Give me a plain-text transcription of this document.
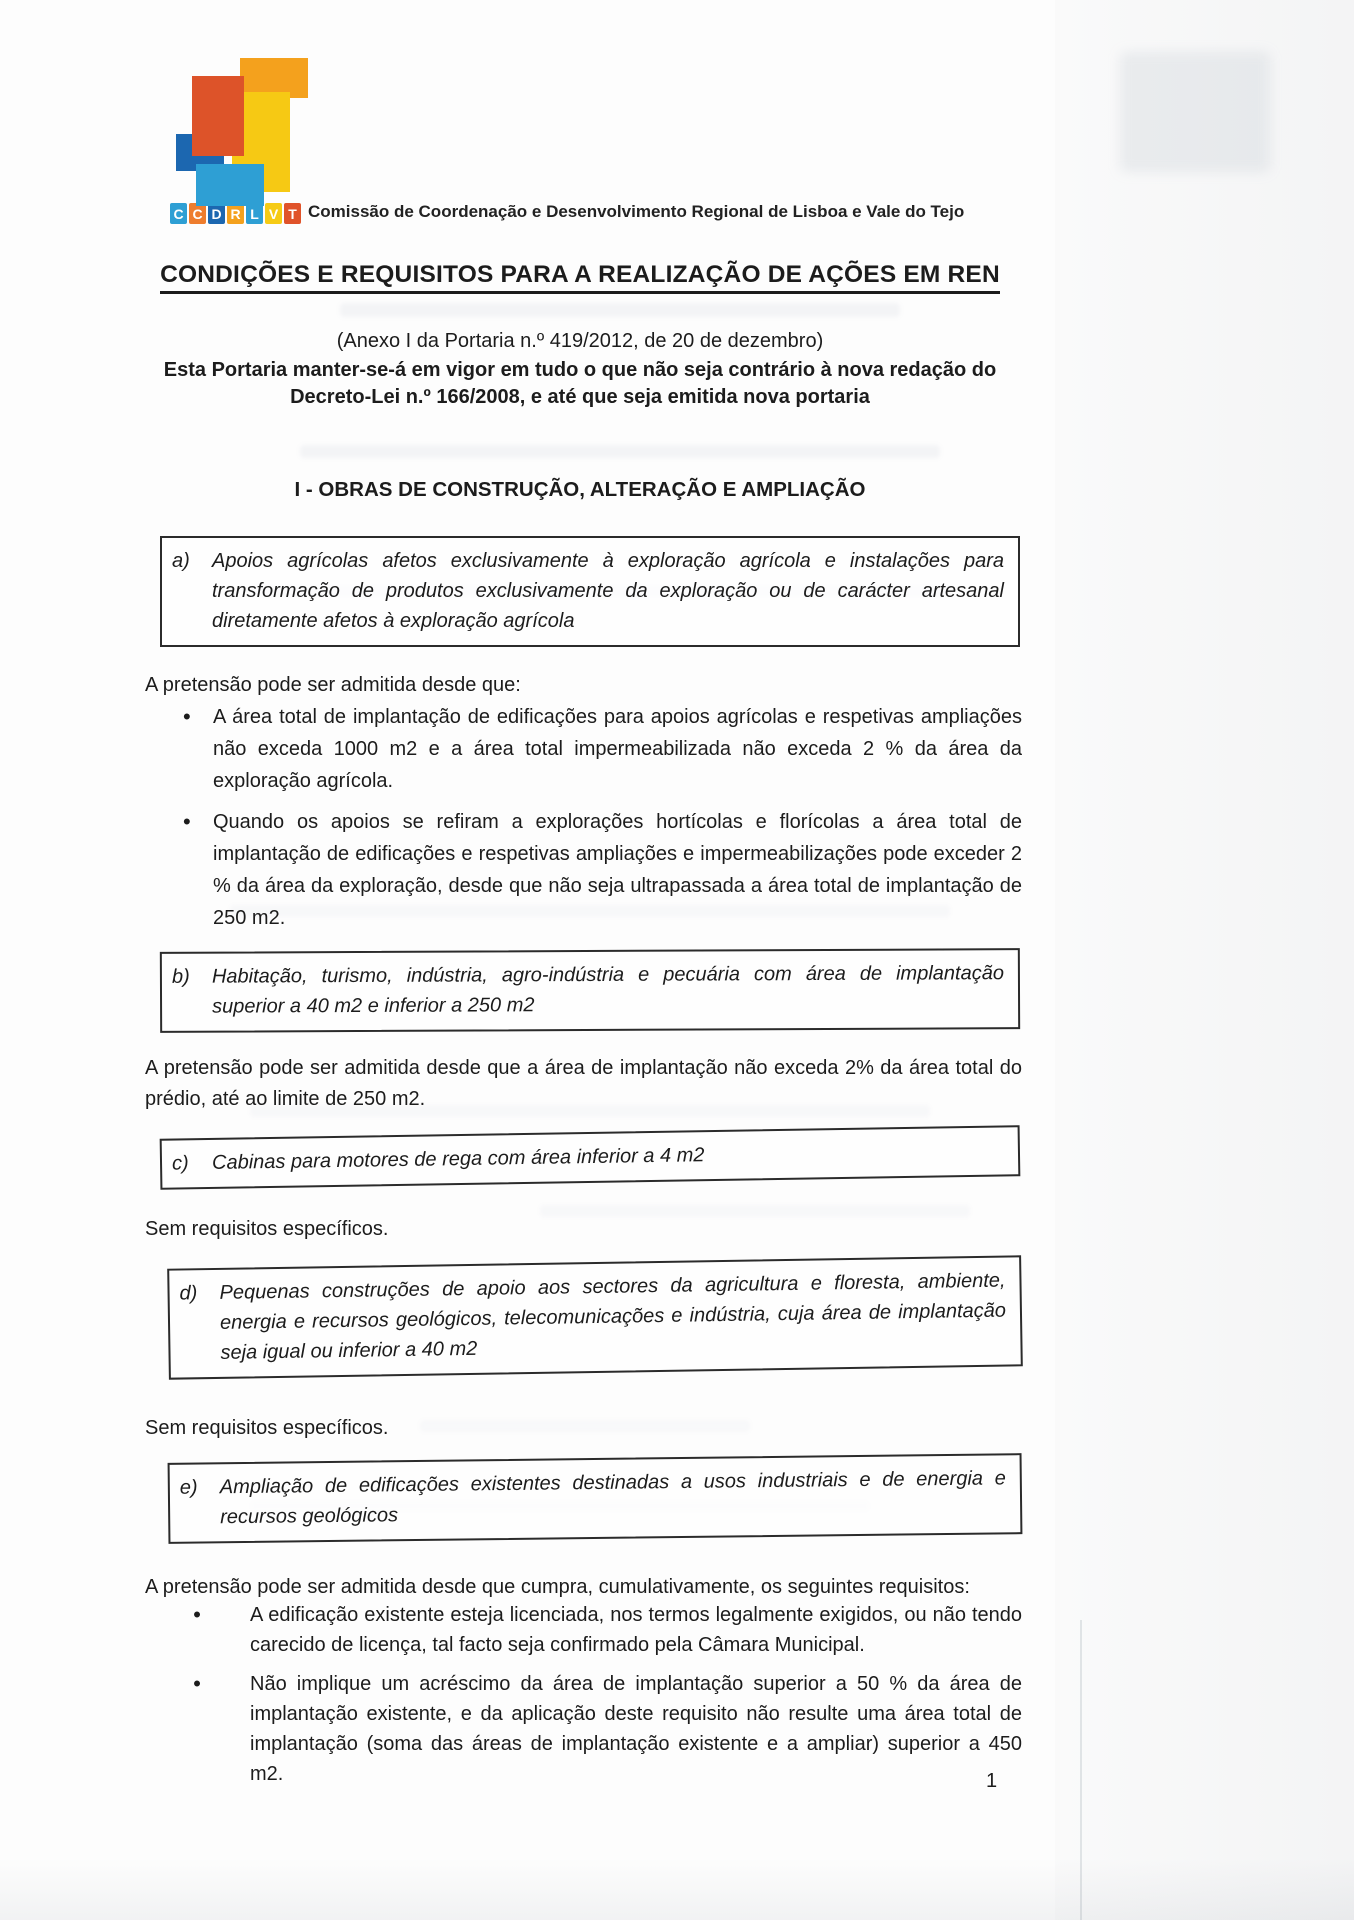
C C D R L V T Comissão de Coordenação e Desenvolvimento Regional de Lisboa e Vale do Tejo
CONDIÇÕES E REQUISITOS PARA A REALIZAÇÃO DE AÇÕES EM REN
(Anexo I da Portaria n.º 419/2012, de 20 de dezembro)
Esta Portaria manter-se-á em vigor em tudo o que não seja contrário à nova redação do Decreto-Lei n.º 166/2008, e até que seja emitida nova portaria
I - OBRAS DE CONSTRUÇÃO, ALTERAÇÃO E AMPLIAÇÃO
a)	Apoios agrícolas afetos exclusivamente à exploração agrícola e instalações para transformação de produtos exclusivamente da exploração ou de carácter artesanal diretamente afetos à exploração agrícola
A pretensão pode ser admitida desde que:
• A área total de implantação de edificações para apoios agrícolas e respetivas ampliações não exceda 1000 m2 e a área total impermeabilizada não exceda 2 % da área da exploração agrícola.
• Quando os apoios se refiram a explorações hortícolas e florícolas a área total de implantação de edificações e respetivas ampliações e impermeabilizações pode exceder 2 % da área da exploração, desde que não seja ultrapassada a área total de implantação de 250 m2.
b)	Habitação, turismo, indústria, agro-indústria e pecuária com área de implantação superior a 40 m2 e inferior a 250 m2
A pretensão pode ser admitida desde que a área de implantação não exceda 2% da área total do prédio, até ao limite de 250 m2.
c)	Cabinas para motores de rega com área inferior a 4 m2
Sem requisitos específicos.
d)	Pequenas construções de apoio aos sectores da agricultura e floresta, ambiente, energia e recursos geológicos, telecomunicações e indústria, cuja área de implantação seja igual ou inferior a 40 m2
Sem requisitos específicos.
e)	Ampliação de edificações existentes destinadas a usos industriais e de energia e recursos geológicos
A pretensão pode ser admitida desde que cumpra, cumulativamente, os seguintes requisitos:
• A edificação existente esteja licenciada, nos termos legalmente exigidos, ou não tendo carecido de licença, tal facto seja confirmado pela Câmara Municipal.
• Não implique um acréscimo da área de implantação superior a 50 % da área de implantação existente, e da aplicação deste requisito não resulte uma área total de implantação (soma das áreas de implantação existente e a ampliar) superior a 450 m2.	1
